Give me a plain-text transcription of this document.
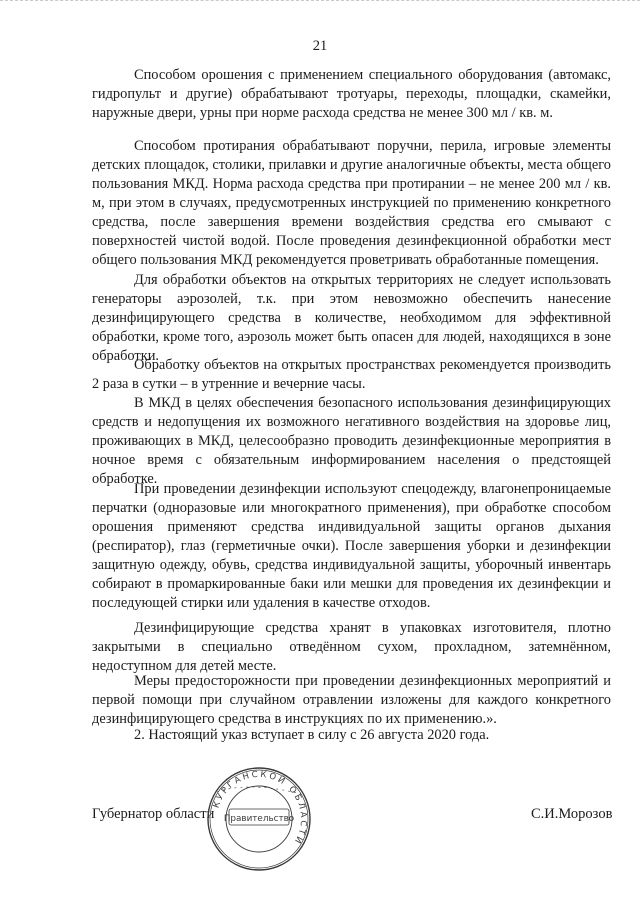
21

Способом орошения с применением специального оборудования (автомакс, гидропульт и другие) обрабатывают тротуары, переходы, площадки, скамейки, наружные двери, урны при норме расхода средства не менее 300 мл / кв. м.

Способом протирания обрабатывают поручни, перила, игровые элементы детских площадок, столики, прилавки и другие аналогичные объекты, места общего пользования МКД. Норма расхода средства при протирании – не менее 200 мл / кв. м, при этом в случаях, предусмотренных инструкцией по применению конкретного средства, после завершения времени воздействия средства его смывают с поверхностей чистой водой. После проведения дезинфекционной обработки мест общего пользования МКД рекомендуется проветривать обработанные помещения.

Для обработки объектов на открытых территориях не следует использовать генераторы аэрозолей, т.к. при этом невозможно обеспечить нанесение дезинфицирующего средства в количестве, необходимом для эффективной обработки, кроме того, аэрозоль может быть опасен для людей, находящихся в зоне обработки.

Обработку объектов на открытых пространствах рекомендуется производить 2 раза в сутки – в утренние и вечерние часы.

В МКД в целях обеспечения безопасного использования дезинфицирующих средств и недопущения их возможного негативного воздействия на здоровье лиц, проживающих в МКД, целесообразно проводить дезинфекционные мероприятия в ночное время с обязательным информированием населения о предстоящей обработке.

При проведении дезинфекции используют спецодежду, влагонепроницаемые перчатки (одноразовые или многократного применения), при обработке способом орошения применяют средства индивидуальной защиты органов дыхания (респиратор), глаз (герметичные очки). После завершения уборки и дезинфекции защитную одежду, обувь, средства индивидуальной защиты, уборочный инвентарь собирают в промаркированные баки или мешки для проведения их дезинфекции и последующей стирки или удаления в качестве отходов.

Дезинфицирующие средства хранят в упаковках изготовителя, плотно закрытыми в специально отведённом сухом, прохладном, затемнённом, недоступном для детей месте.

Меры предосторожности при проведении дезинфекционных мероприятий и первой помощи при случайном отравлении изложены для каждого конкретного дезинфицирующего средства в инструкциях по их применению.».

2. Настоящий указ вступает в силу с 26 августа 2020 года.

Губернатор области	С.И.Морозов
КУРГАНСКОЙ ОБЛАСТИ
Правительство
